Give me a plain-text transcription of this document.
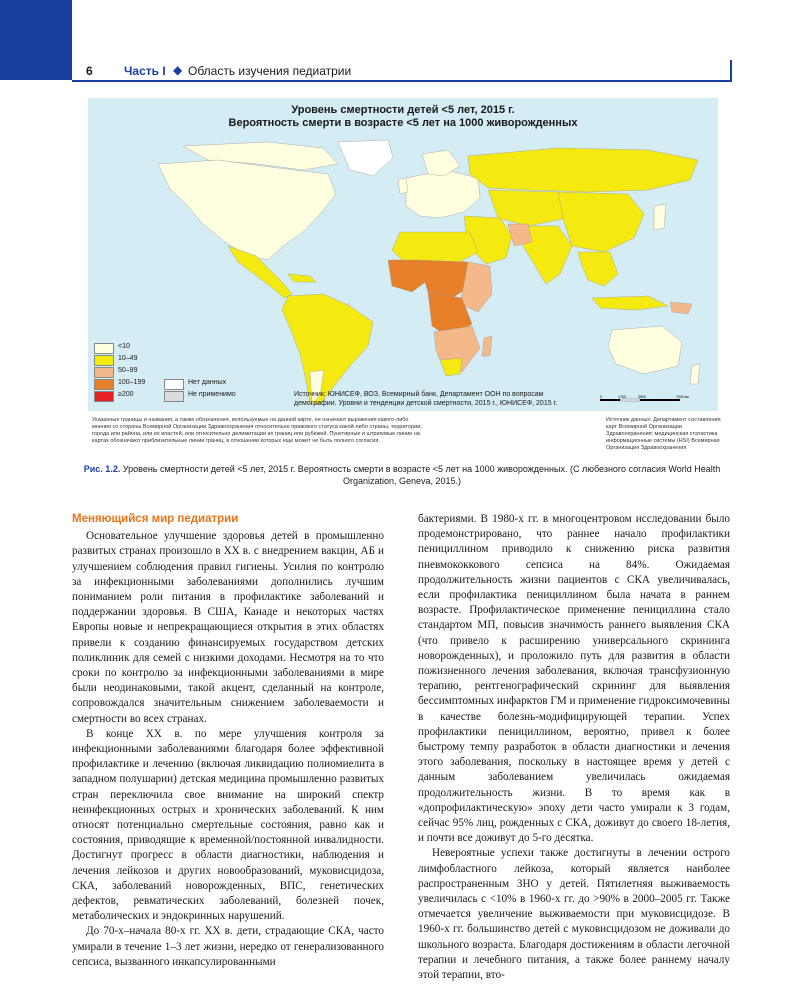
6	Часть I ◆ Область изучения педиатрии
Уровень смертности детей <5 лет, 2015 г.
Вероятность смерти в возрасте <5 лет на 1000 живорожденных
<10
10–49
50–99
100–199	Нет данных
≥200	Не применимо	Источник: ЮНИСЕФ, ВОЗ, Всемирный банк, Департамент ООН по вопросам
демографии. Уровни и тенденции детской смертности, 2015 г., ЮНИСЕФ, 2015 г.
0	1750	3500	7000 км
Указанные границы и названия, а также обозначения, используемые на данной карте, не означают выражения какого-либо мнения со стороны Всемирной Организации Здравоохранения относительно правового статуса какой-либо страны, территории, города или района, или их властей, или относительно делимитации их границ или рубежей. Пунктирные и штриховые линии на картах обозначают приблизительные линии границ, в отношении которых еще может не быть полного согласия.
Источник данных: Департамент составления карт Всемирной Организации Здравоохранения: медицинская статистика информационные системы (HSI) Всемирная Организация Здравоохранения
Рис. 1.2. Уровень смертности детей <5 лет, 2015 г. Вероятность смерти в возрасте <5 лет на 1000 живорожденных. (С любезного согласия World Health Organization, Geneva, 2015.)
Меняющийся мир педиатрии

Основательное улучшение здоровья детей в промышленно развитых странах произошло в XX в. с внедрением вакцин, АБ и улучшением соблюдения правил гигиены. Усилия по контролю за инфекционными заболеваниями дополнились лучшим пониманием роли питания в профилактике заболеваний и поддержании здоровья. В США, Канаде и некоторых частях Европы новые и непрекращающиеся открытия в этих областях привели к созданию финансируемых государством детских поликлиник для семей с низкими доходами. Несмотря на то что сроки по контролю за инфекционными заболеваниями в мире были неодинаковыми, такой акцент, сделанный на контроле, сопровождался значительным снижением заболеваемости и смертности во всех странах.

В конце XX в. по мере улучшения контроля за инфекционными заболеваниями благодаря более эффективной профилактике и лечению (включая ликвидацию полиомиелита в западном полушарии) детская медицина промышленно развитых стран переключила свое внимание на широкий спектр неинфекционных острых и хронических заболеваний. К ним относят потенциально смертельные состояния, равно как и состояния, приводящие к временной/постоянной инвалидности. Достигнут прогресс в области диагностики, наблюдения и лечения лейкозов и других новообразований, муковисцидоза, СКА, заболеваний новорожденных, ВПС, генетических дефектов, ревматических заболеваний, болезней почек, метаболических и эндокринных нарушений.

До 70-х–начала 80-х гг. XX в. дети, страдающие СКА, часто умирали в течение 1–3 лет жизни, нередко от генерализованного сепсиса, вызванного инкапсулированными

бактериями. В 1980-х гг. в многоцентровом исследовании было продемонстрировано, что раннее начало профилактики пенициллином приводило к снижению риска развития пневмококкового сепсиса на 84%. Ожидаемая продолжительность жизни пациентов с СКА увеличивалась, если профилактика пенициллином была начата в раннем возрасте. Профилактическое применение пенициллина стало стандартом МП, повысив значимость раннего выявления СКА (что привело к расширению универсального скрининга новорожденных), и проложило путь для развития в области пожизненного лечения заболевания, включая трансфузионную терапию, рентгенографический скрининг для выявления бессимптомных инфарктов ГМ и применение гидроксимочевины в качестве болезнь-модифицирующей терапии. Успех профилактики пенициллином, вероятно, привел к более быстрому темпу разработок в области диагностики и лечения этого заболевания, поскольку в настоящее время у детей с данным заболеванием увеличилась ожидаемая продолжительность жизни. В то время как в «допрофилактическую» эпоху дети часто умирали к 3 годам, сейчас 95% лиц, рожденных с СКА, доживут до своего 18-летия, и почти все доживут до 5-го десятка.

Невероятные успехи также достигнуты в лечении острого лимфобластного лейкоза, который является наиболее распространенным ЗНО у детей. Пятилетняя выживаемость увеличилась с <10% в 1960-х гг. до >90% в 2000–2005 гг. Также отмечается увеличение выживаемости при муковисцидозе. В 1960-х гг. большинство детей с муковисцидозом не доживали до школьного возраста. Благодаря достижениям в области легочной терапии и лечебного питания, а также более раннему началу этой терапии, вто-
